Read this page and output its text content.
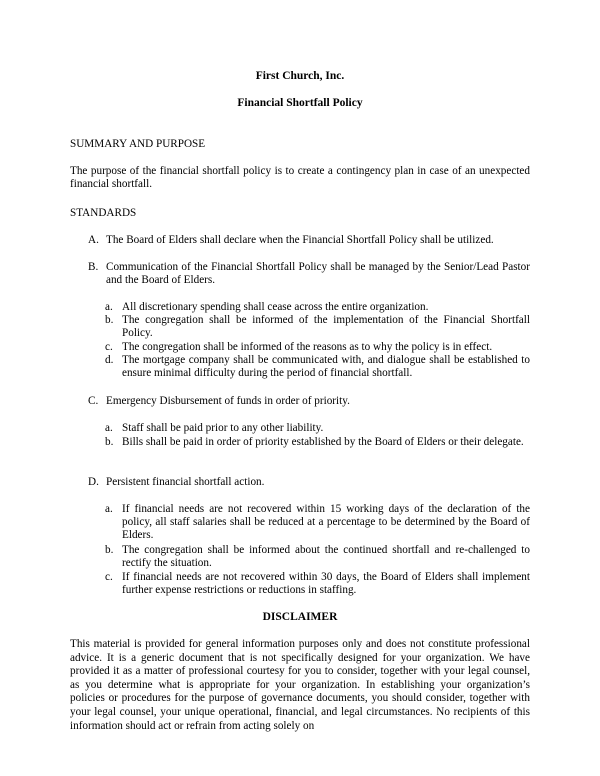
First Church, Inc.
Financial Shortfall Policy
SUMMARY AND PURPOSE
The purpose of the financial shortfall policy is to create a contingency plan in case of an unexpected financial shortfall.
STANDARDS
A. The Board of Elders shall declare when the Financial Shortfall Policy shall be utilized.
B. Communication of the Financial Shortfall Policy shall be managed by the Senior/Lead Pastor and the Board of Elders.
a. All discretionary spending shall cease across the entire organization.
b. The congregation shall be informed of the implementation of the Financial Shortfall Policy.
c. The congregation shall be informed of the reasons as to why the policy is in effect.
d. The mortgage company shall be communicated with, and dialogue shall be established to ensure minimal difficulty during the period of financial shortfall.
C. Emergency Disbursement of funds in order of priority.
a. Staff shall be paid prior to any other liability.
b. Bills shall be paid in order of priority established by the Board of Elders or their delegate.
D. Persistent financial shortfall action.
a. If financial needs are not recovered within 15 working days of the declaration of the policy, all staff salaries shall be reduced at a percentage to be determined by the Board of Elders.
b. The congregation shall be informed about the continued shortfall and re-challenged to rectify the situation.
c. If financial needs are not recovered within 30 days, the Board of Elders shall implement further expense restrictions or reductions in staffing.
DISCLAIMER
This material is provided for general information purposes only and does not constitute professional advice. It is a generic document that is not specifically designed for your organization. We have provided it as a matter of professional courtesy for you to consider, together with your legal counsel, as you determine what is appropriate for your organization. In establishing your organization’s policies or procedures for the purpose of governance documents, you should consider, together with your legal counsel, your unique operational, financial, and legal circumstances. No recipients of this information should act or refrain from acting solely on
